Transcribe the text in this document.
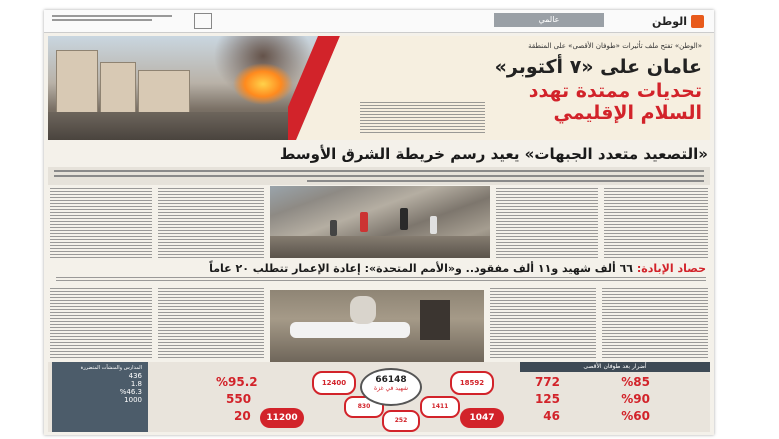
الوطن
عالمي
«الوطن» تفتح ملف تأثيرات «طوفان الأقصى» على المنطقة
عامان على «٧ أكتوبر»
تحديات ممتدة تهدد
السلام الإقليمي
«التصعيد متعدد الجبهات» يعيد رسم خريطة الشرق الأوسط
حصاد الإبادة: ٦٦ ألف شهيد و١١ ألف مفقود.. و«الأمم المتحدة»: إعادة الإعمار تتطلب ٢٠ عاماً
أضرار بعد طوفان الأقصى
772
125
46
%85
%90
%60
18592
12400
1411
830
252	1047
11200
66148
شهيد في غزة
%95.2
550
20
المدارس والمنشآت المتضررة
436
1.8
%46.3
1000
